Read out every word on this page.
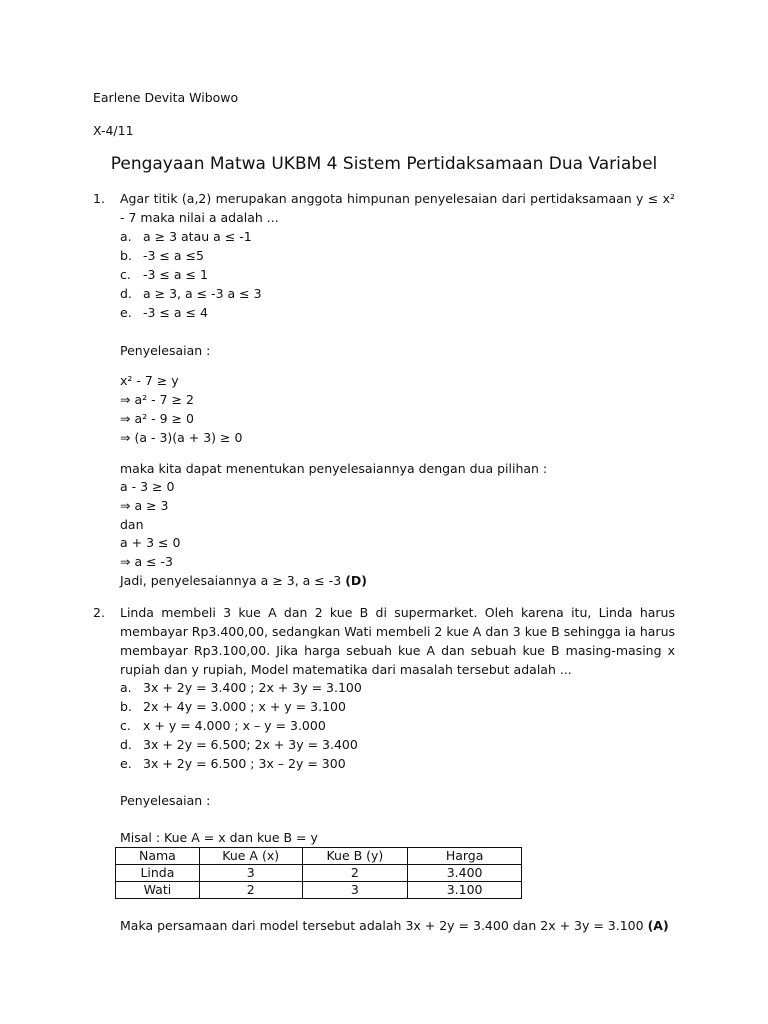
Earlene Devita Wibowo
X-4/11
Pengayaan Matwa UKBM 4 Sistem Pertidaksamaan Dua Variabel
1. Agar titik (a,2) merupakan anggota himpunan penyelesaian dari pertidaksamaan y ≤ x² - 7 maka nilai a adalah ...
a. a ≥ 3 atau a ≤ -1
b. -3 ≤ a ≤5
c. -3 ≤ a ≤ 1
d. a ≥ 3, a ≤ -3 a ≤ 3
e. -3 ≤ a ≤ 4
Penyelesaian :
x² - 7 ≥ y
⇒ a² - 7 ≥ 2
⇒ a² - 9 ≥ 0
⇒ (a - 3)(a + 3) ≥ 0
maka kita dapat menentukan penyelesaiannya dengan dua pilihan :
a - 3 ≥ 0
⇒ a ≥ 3
dan
a + 3 ≤ 0
⇒ a ≤ -3
Jadi, penyelesaiannya a ≥ 3, a ≤ -3 (D)
2. Linda membeli 3 kue A dan 2 kue B di supermarket. Oleh karena itu, Linda harus membayar Rp3.400,00, sedangkan Wati membeli 2 kue A dan 3 kue B sehingga ia harus membayar Rp3.100,00. Jika harga sebuah kue A dan sebuah kue B masing-masing x rupiah dan y rupiah, Model matematika dari masalah tersebut adalah ...
a. 3x + 2y = 3.400 ; 2x + 3y = 3.100
b. 2x + 4y = 3.000 ; x + y = 3.100
c. x + y = 4.000 ; x – y = 3.000
d. 3x + 2y = 6.500; 2x + 3y = 3.400
e. 3x + 2y = 6.500 ; 3x – 2y = 300
Penyelesaian :
Misal : Kue A = x dan kue B = y
Nama	Kue A (x)	Kue B (y)	Harga
Linda	3	2	3.400
Wati	2	3	3.100
Maka persamaan dari model tersebut adalah 3x + 2y = 3.400 dan 2x + 3y = 3.100 (A)
